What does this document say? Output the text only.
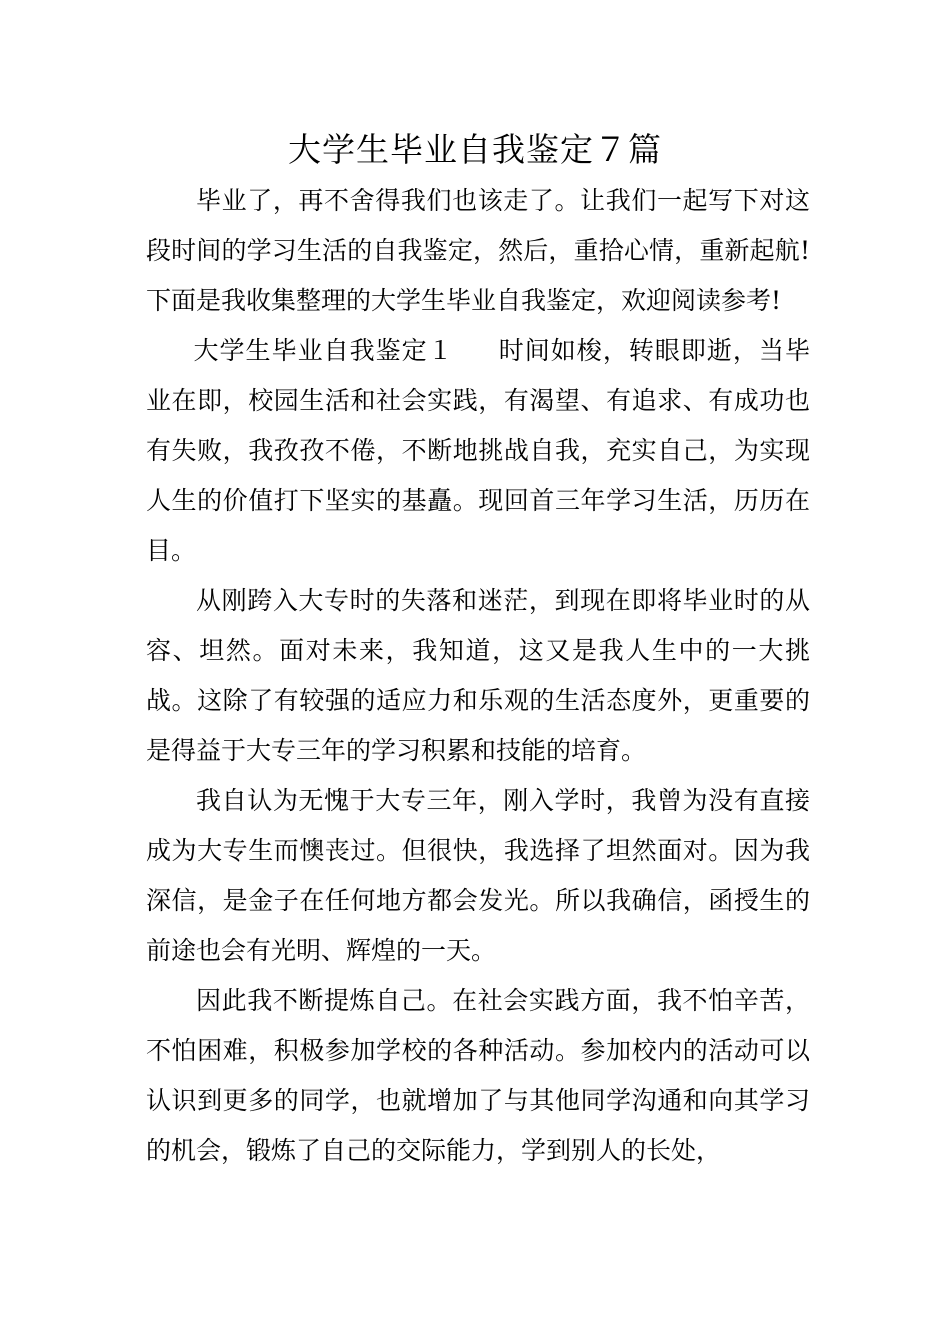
大学生毕业自我鉴定７篇

毕业了，再不舍得我们也该走了。让我们一起写下对这段时间的学习生活的自我鉴定，然后，重拾心情，重新起航!下面是我收集整理的大学生毕业自我鉴定，欢迎阅读参考!

大学生毕业自我鉴定１ 时间如梭，转眼即逝，当毕业在即，校园生活和社会实践，有渴望、有追求、有成功也有失败，我孜孜不倦，不断地挑战自我，充实自己，为实现人生的价值打下坚实的基矗。现回首三年学习生活，历历在目。

从刚跨入大专时的失落和迷茫，到现在即将毕业时的从容、坦然。面对未来，我知道，这又是我人生中的一大挑战。这除了有较强的适应力和乐观的生活态度外，更重要的是得益于大专三年的学习积累和技能的培育。

我自认为无愧于大专三年，刚入学时，我曾为没有直接成为大专生而懊丧过。但很快，我选择了坦然面对。因为我深信，是金子在任何地方都会发光。所以我确信，函授生的前途也会有光明、辉煌的一天。

因此我不断提炼自己。在社会实践方面，我不怕辛苦，不怕困难，积极参加学校的各种活动。参加校内的活动可以认识到更多的同学，也就增加了与其他同学沟通和向其学习的机会，锻炼了自己的交际能力，学到别人的长处，
